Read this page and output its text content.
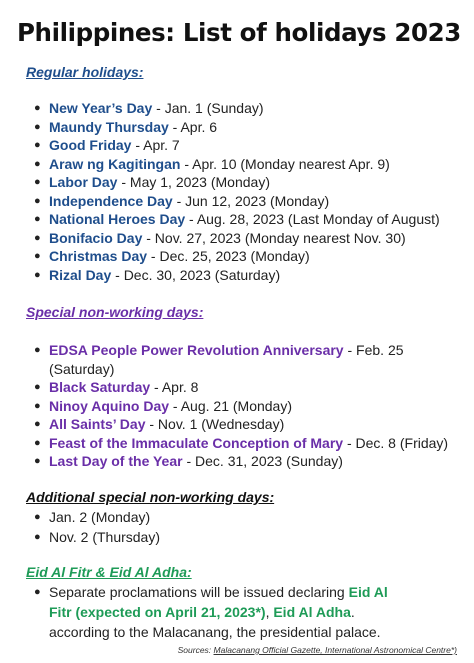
Philippines: List of holidays 2023
Regular holidays:
● New Year’s Day - Jan. 1 (Sunday)
● Maundy Thursday - Apr. 6
● Good Friday - Apr. 7
● Araw ng Kagitingan - Apr. 10 (Monday nearest Apr. 9)
● Labor Day - May 1, 2023 (Monday)
● Independence Day - Jun 12, 2023 (Monday)
● National Heroes Day - Aug. 28, 2023 (Last Monday of August)
● Bonifacio Day - Nov. 27, 2023 (Monday nearest Nov. 30)
● Christmas Day - Dec. 25, 2023 (Monday)
● Rizal Day - Dec. 30, 2023 (Saturday)
Special non-working days:
● EDSA People Power Revolution Anniversary - Feb. 25 (Saturday)
● Black Saturday - Apr. 8
● Ninoy Aquino Day - Aug. 21 (Monday)
● All Saints’ Day - Nov. 1 (Wednesday)
● Feast of the Immaculate Conception of Mary - Dec. 8 (Friday)
● Last Day of the Year - Dec. 31, 2023 (Sunday)
Additional special non-working days:
● Jan. 2 (Monday)
● Nov. 2 (Thursday)
Eid Al Fitr & Eid Al Adha:
● Separate proclamations will be issued declaring Eid Al Fitr (expected on April 21, 2023*), Eid Al Adha. according to the Malacanang, the presidential palace.
Sources: Malacanang Official Gazette, International Astronomical Centre*)
